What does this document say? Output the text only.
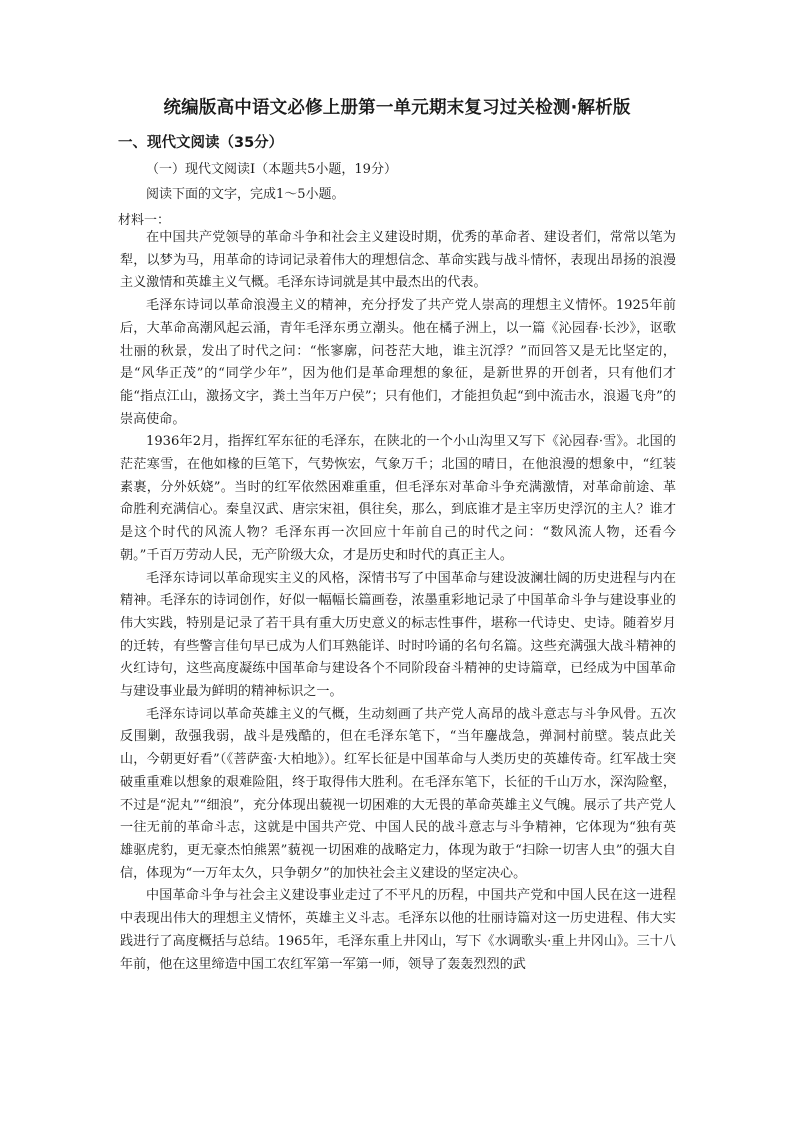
统编版高中语文必修上册第一单元期末复习过关检测·解析版
一、现代文阅读（35分）
（一）现代文阅读Ⅰ（本题共5小题，19分）
阅读下面的文字，完成1～5小题。
材料一：

在中国共产党领导的革命斗争和社会主义建设时期，优秀的革命者、建设者们，常常以笔为犁，以梦为马，用革命的诗词记录着伟大的理想信念、革命实践与战斗情怀，表现出昂扬的浪漫主义激情和英雄主义气概。毛泽东诗词就是其中最杰出的代表。

毛泽东诗词以革命浪漫主义的精神，充分抒发了共产党人崇高的理想主义情怀。1925年前后，大革命高潮风起云涌，青年毛泽东勇立潮头。他在橘子洲上，以一篇《沁园春·长沙》，讴歌壮丽的秋景，发出了时代之问：“怅寥廓，问苍茫大地，谁主沉浮？”而回答又是无比坚定的，是“风华正茂”的“同学少年”，因为他们是革命理想的象征，是新世界的开创者，只有他们才能“指点江山，激扬文字，粪土当年万户侯”；只有他们，才能担负起“到中流击水，浪遏飞舟”的崇高使命。

1936年2月，指挥红军东征的毛泽东，在陕北的一个小山沟里又写下《沁园春·雪》。北国的茫茫寒雪，在他如椽的巨笔下，气势恢宏，气象万千；北国的晴日，在他浪漫的想象中，“红装素裹，分外妖娆”。当时的红军依然困难重重，但毛泽东对革命斗争充满激情，对革命前途、革命胜利充满信心。秦皇汉武、唐宗宋祖，俱往矣，那么，到底谁才是主宰历史浮沉的主人？谁才是这个时代的风流人物？毛泽东再一次回应十年前自己的时代之问：“数风流人物，还看今朝。”千百万劳动人民，无产阶级大众，才是历史和时代的真正主人。

毛泽东诗词以革命现实主义的风格，深情书写了中国革命与建设波澜壮阔的历史进程与内在精神。毛泽东的诗词创作，好似一幅幅长篇画卷，浓墨重彩地记录了中国革命斗争与建设事业的伟大实践，特别是记录了若干具有重大历史意义的标志性事件，堪称一代诗史、史诗。随着岁月的迁转，有些警言佳句早已成为人们耳熟能详、时时吟诵的名句名篇。这些充满强大战斗精神的火红诗句，这些高度凝练中国革命与建设各个不同阶段奋斗精神的史诗篇章，已经成为中国革命与建设事业最为鲜明的精神标识之一。

毛泽东诗词以革命英雄主义的气概，生动刻画了共产党人高昂的战斗意志与斗争风骨。五次反围剿，敌强我弱，战斗是残酷的，但在毛泽东笔下，“当年鏖战急，弹洞村前壁。装点此关山，今朝更好看”（《菩萨蛮·大柏地》）。红军长征是中国革命与人类历史的英雄传奇。红军战士突破重重难以想象的艰难险阻，终于取得伟大胜利。在毛泽东笔下，长征的千山万水，深沟险壑，不过是“泥丸”“细浪”，充分体现出藐视一切困难的大无畏的革命英雄主义气魄。展示了共产党人一往无前的革命斗志，这就是中国共产党、中国人民的战斗意志与斗争精神，它体现为“独有英雄驱虎豹，更无豪杰怕熊罴”藐视一切困难的战略定力，体现为敢于“扫除一切害人虫”的强大自信，体现为“一万年太久，只争朝夕”的加快社会主义建设的坚定决心。

中国革命斗争与社会主义建设事业走过了不平凡的历程，中国共产党和中国人民在这一进程中表现出伟大的理想主义情怀，英雄主义斗志。毛泽东以他的壮丽诗篇对这一历史进程、伟大实践进行了高度概括与总结。1965年，毛泽东重上井冈山，写下《水调歌头·重上井冈山》。三十八年前，他在这里缔造中国工农红军第一军第一师，领导了轰轰烈烈的武
